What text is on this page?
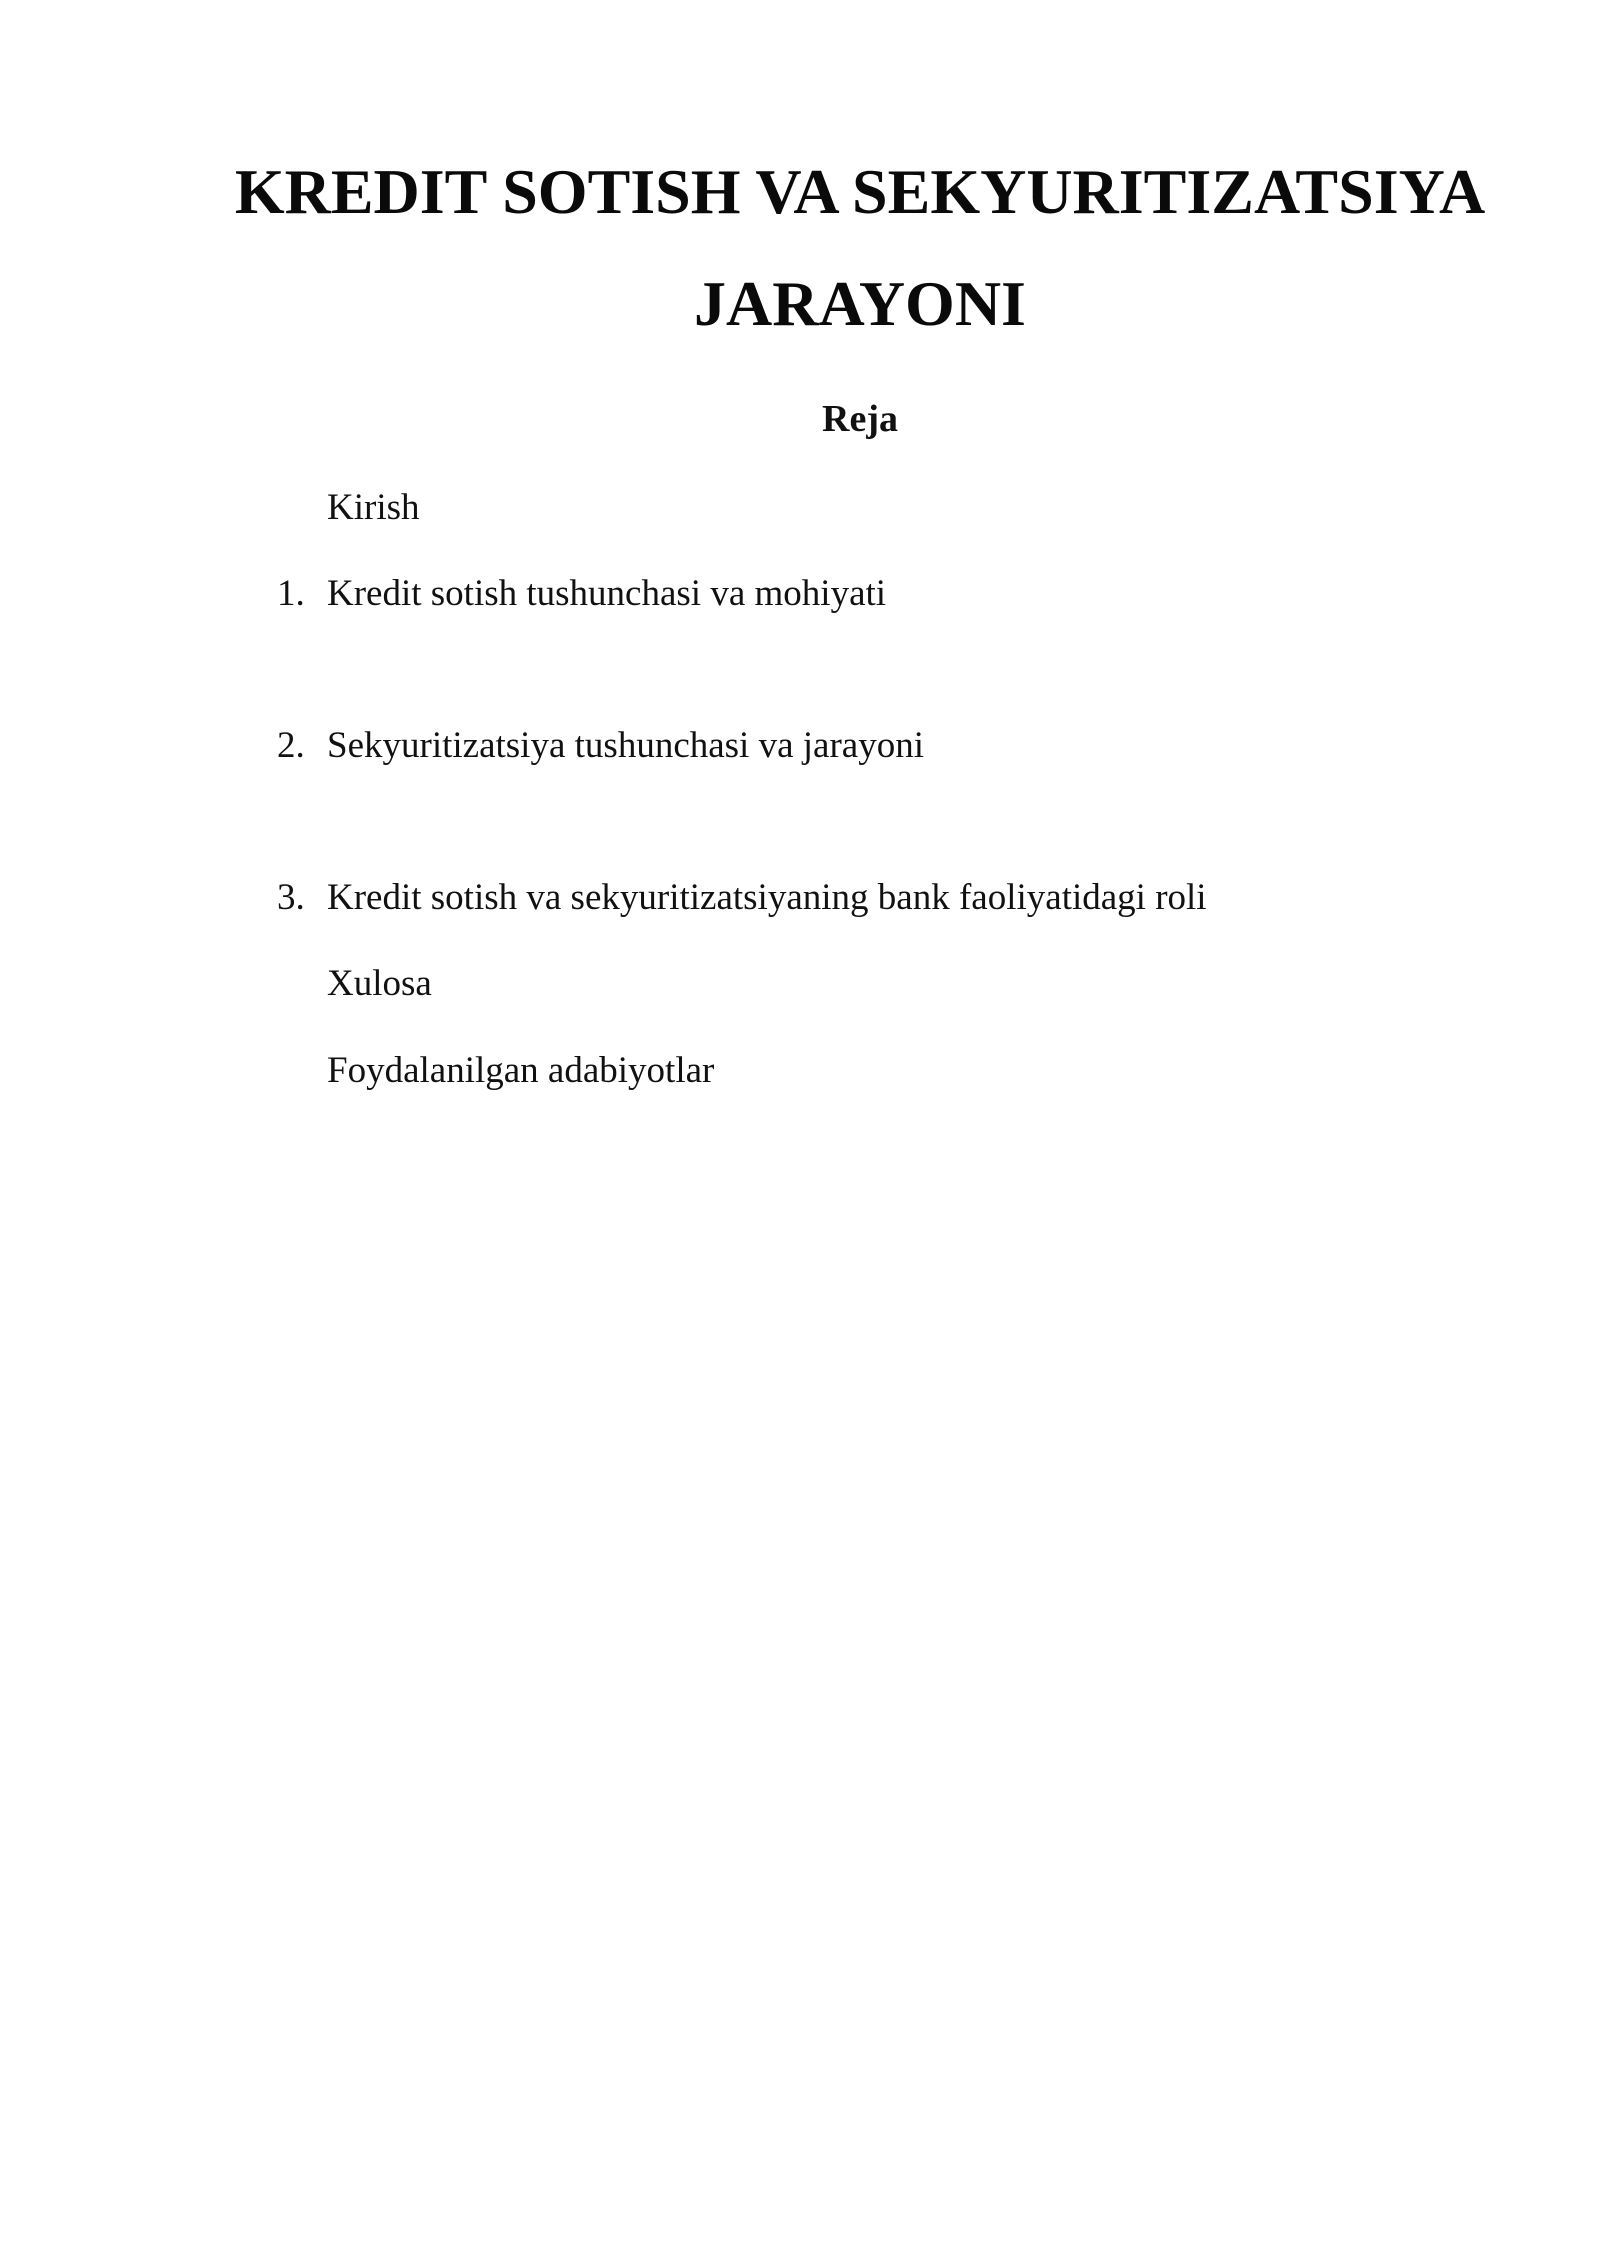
KREDIT SOTISH VA SEKYURITIZATSIYA
JARAYONI
Reja
Kirish
1. Kredit sotish tushunchasi va mohiyati
2. Sekyuritizatsiya tushunchasi va jarayoni
3. Kredit sotish va sekyuritizatsiyaning bank faoliyatidagi roli
Xulosa
Foydalanilgan adabiyotlar
